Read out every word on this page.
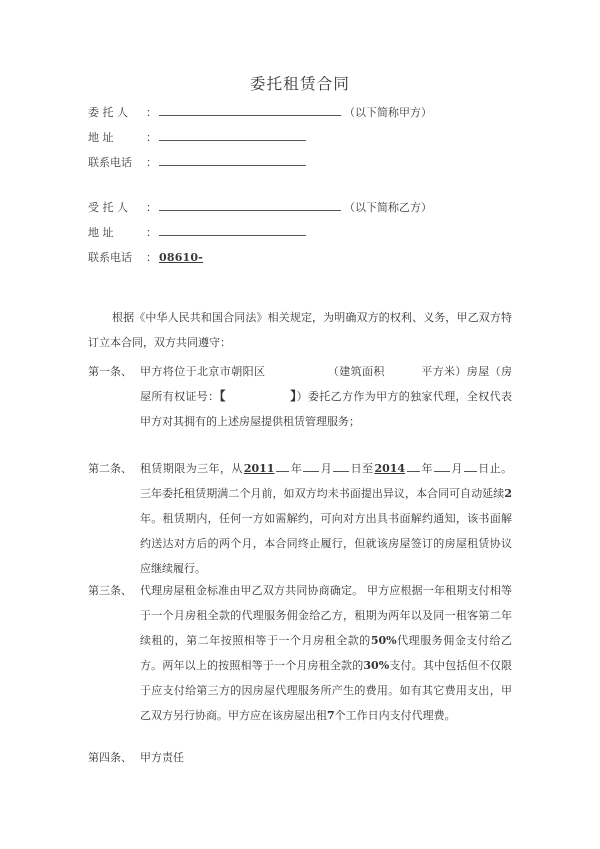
委托租赁合同
委 托 人	：	（以下简称甲方）
地 址	：
联系电话	：
受 托 人	：	（以下简称乙方）
地 址	：
联系电话	： 08610-

根据《中华人民共和国合同法》相关规定，为明确双方的权利、义务，甲乙双方特订立本合同，双方共同遵守：

第一条、 甲方将位于北京市朝阳区	（建筑面积	平方米）房屋（房屋所有权证号：【	】）委托乙方作为甲方的独家代理，全权代表甲方对其拥有的上述房屋提供租赁管理服务；
第二条、 租赁期限为三年，从2011 年 月 日至2014 年 月 日止。三年委托租赁期满二个月前，如双方均未书面提出异议，本合同可自动延续2年。租赁期内，任何一方如需解约，可向对方出具书面解约通知，该书面解约送达对方后的两个月，本合同终止履行，但就该房屋签订的房屋租赁协议应继续履行。
第三条、 代理房屋租金标准由甲乙双方共同协商确定。 甲方应根据一年租期支付相等于一个月房租全款的代理服务佣金给乙方，租期为两年以及同一租客第二年续租的，第二年按照相等于一个月房租全款的50%代理服务佣金支付给乙方。两年以上的按照相等于一个月房租全款的30%支付。其中包括但不仅限于应支付给第三方的因房屋代理服务所产生的费用。如有其它费用支出，甲乙双方另行协商。甲方应在该房屋出租7个工作日内支付代理费。
第四条、 甲方责任
